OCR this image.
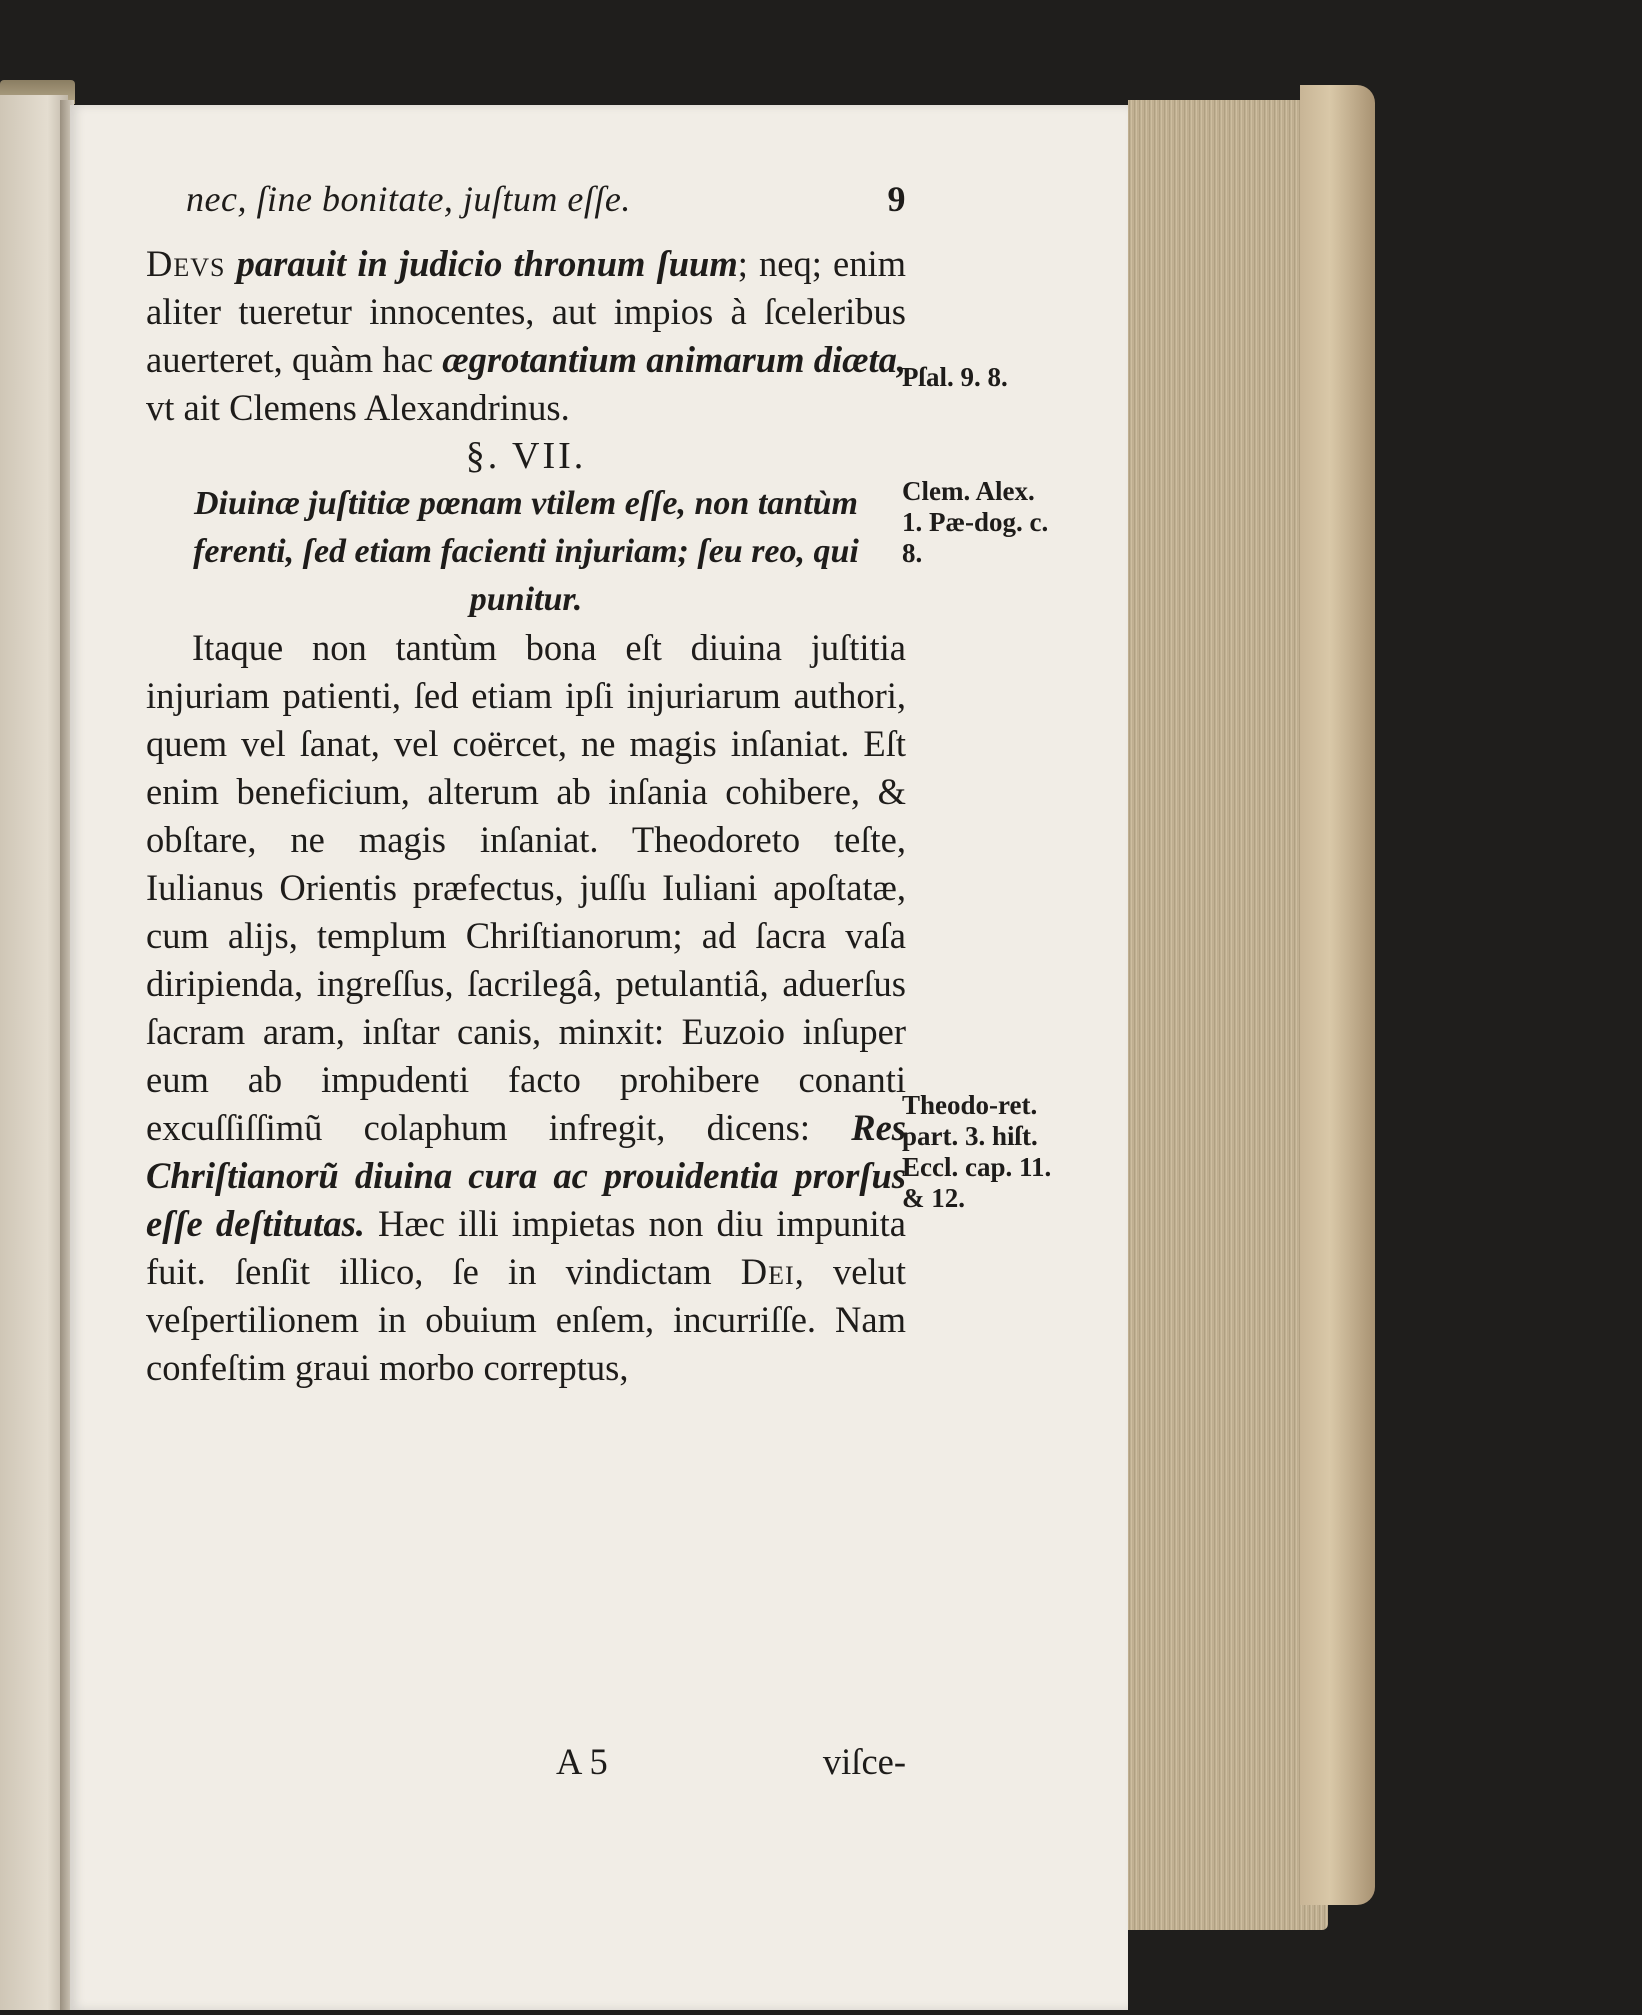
nec, ſine bonitate, juſtum eſſe.	9

Devs parauit in judicio thronum ſuum; neq; enim aliter tueretur innocentes, aut impios à ſceleribus auerteret, quàm hac ægrotantium animarum diæta, vt ait Clemens Alexandrinus.

§. VII.

Diuinæ juſtitiæ pœnam vtilem eſſe, non tantùm ferenti, ſed etiam facienti injuriam; ſeu reo, qui punitur.

Itaque non tantùm bona eſt diuina juſtitia injuriam patienti, ſed etiam ipſi injuriarum authori, quem vel ſanat, vel coërcet, ne magis inſaniat. Eſt enim beneficium, alterum ab inſania cohibere, & obſtare, ne magis inſaniat. Theodoreto teſte, Iulianus Orientis præfectus, juſſu Iuliani apoſtatæ, cum alijs, templum Chriſtianorum; ad ſacra vaſa diripienda, ingreſſus, ſacrilegâ, petulantiâ, aduerſus ſacram aram, inſtar canis, minxit: Euzoio inſuper eum ab impudenti facto prohibere conanti excuſſiſſimũ colaphum infregit, dicens: Res Chriſtianorũ diuina cura ac prouidentia prorſus eſſe deſtitutas. Hæc illi impietas non diu impunita fuit. ſenſit illico, ſe in vindictam Dei, velut veſpertilionem in obuium enſem, incurriſſe. Nam confeſtim graui morbo correptus,

Pſal. 9. 8.
Clem. Alex. 1. Pæ-dog. c. 8.
Theodo-ret. part. 3. hiſt. Eccl. cap. 11. & 12.
A 5	viſce-
